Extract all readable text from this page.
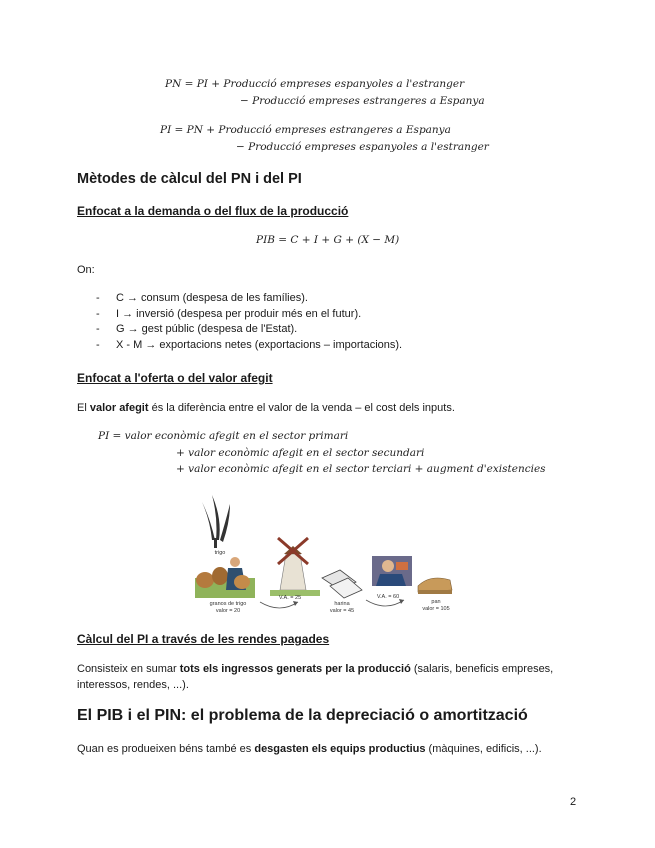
PN = PI + Producció empreses espanyoles a l'estranger
− Producció empreses estrangeres a Espanya
PI = PN + Producció empreses estrangeres a Espanya
− Producció empreses espanyoles a l'estranger
Mètodes de càlcul del PN i del PI
Enfocat a la demanda o del flux de la producció
PIB = C + I + G + (X − M)
On:
- C → consum (despesa de les famílies).
- I → inversió (despesa per produir més en el futur).
- G → gest públic (despesa de l'Estat).
- X - M → exportacions netes (exportacions – importacions).
Enfocat a l'oferta o del valor afegit
El valor afegit és la diferència entre el valor de la venda – el cost dels inputs.
PI = valor econòmic afegit en el sector primari
+ valor econòmic afegit en el sector secundari
+ valor econòmic afegit en el sector terciari + augment d'existencies
trigo
granos de trigo
valor = 20
V.A. = 25
harina
valor = 45
V.A. = 60
pan
valor = 105
Càlcul del PI a través de les rendes pagades
Consisteix en sumar tots els ingressos generats per la producció (salaris, beneficis empreses,
interessos, rendes, ...).
El PIB i el PIN: el problema de la depreciació o amortització
Quan es produeixen béns també es desgasten els equips productius (màquines, edificis, ...).
2
